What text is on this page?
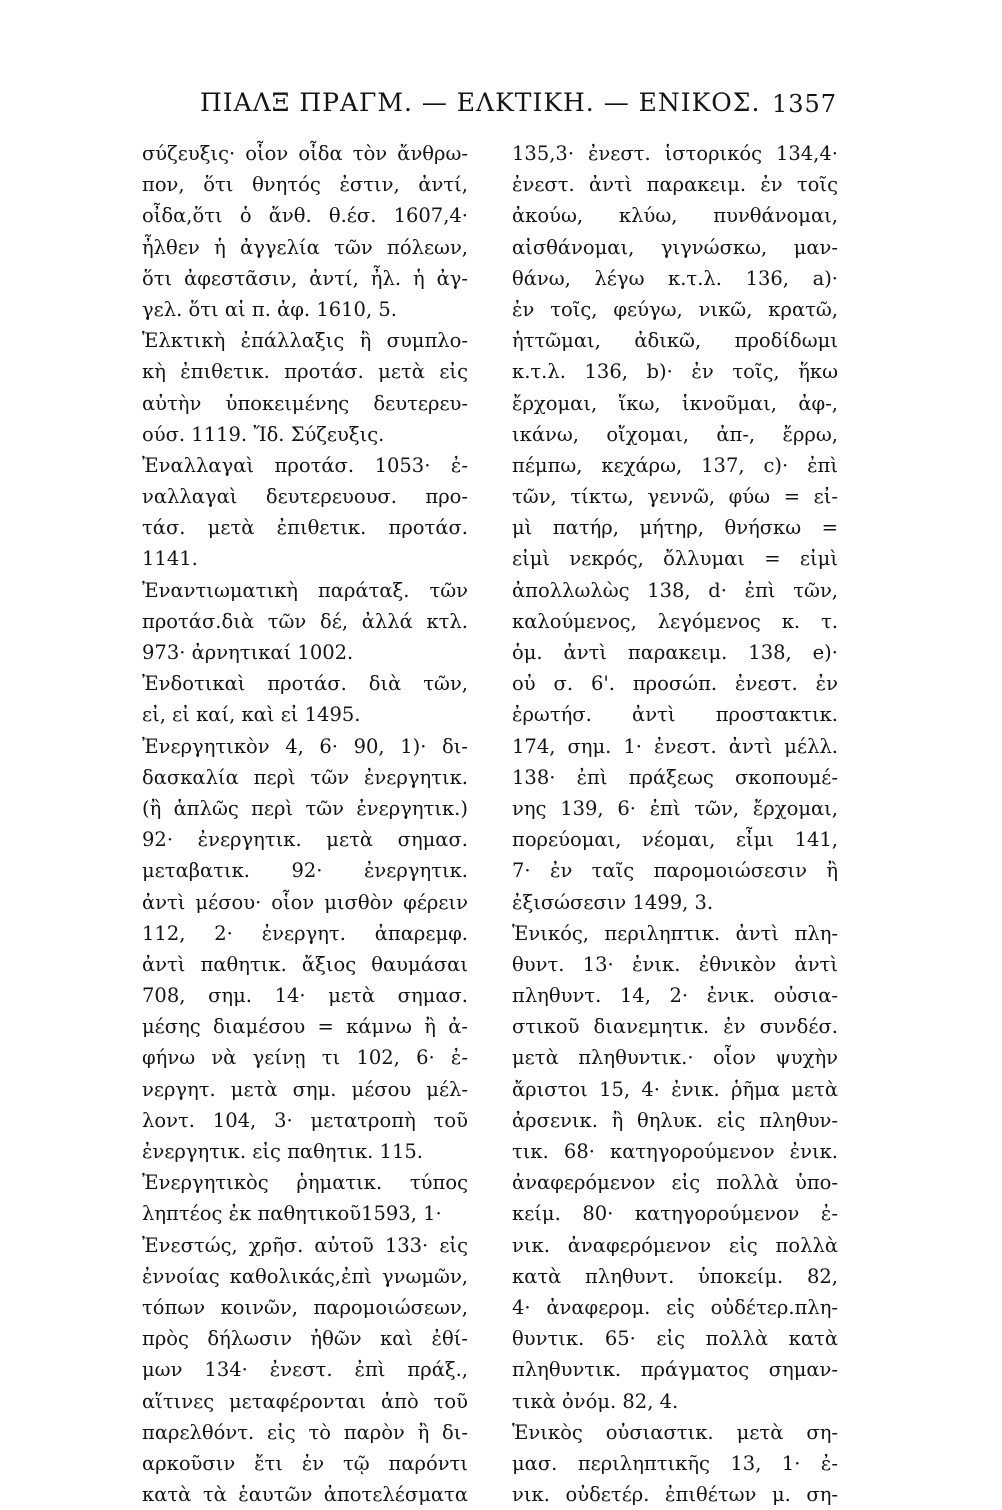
ΠΙΑΛΞ ΠΡΑΓΜ. — ΕΛΚΤΙΚΗ. — ΕΝΙΚΟΣ. 1357
σύζευξις· οἷον οἶδα τὸν ἄνθρω-
πον, ὅτι θνητός ἐστιν, ἀντί,
οἶδα,ὅτι ὁ ἄνθ. θ.έσ. 1607,4·
ἦλθεν ἡ ἀγγελία τῶν πόλεων,
ὅτι ἀφεστᾶσιν, ἀντί, ἦλ. ἡ ἀγ-
γελ. ὅτι αἱ π. ἀφ. 1610, 5.
Ἑλκτικὴ ἐπάλλαξις ἢ συμπλο-
κὴ ἐπιθετικ. προτάσ. μετὰ εἰς
αὐτὴν ὑποκειμένης δευτερευ-
ούσ. 1119. Ἴδ. Σύζευξις.
Ἐναλλαγαὶ προτάσ. 1053· ἐ-
ναλλαγαὶ δευτερευουσ. προ-
τάσ. μετὰ ἐπιθετικ. προτάσ.
1141.
Ἐναντιωματικὴ παράταξ. τῶν
προτάσ.διὰ τῶν δέ, ἀλλά κτλ.
973· ἀρνητικαί 1002.
Ἐνδοτικαὶ προτάσ. διὰ τῶν,
εἰ, εἰ καί, καὶ εἰ 1495.
Ἐνεργητικὸν 4, 6· 90, 1)· δι-
δασκαλία περὶ τῶν ἐνεργητικ.
(ἢ ἁπλῶς περὶ τῶν ἐνεργητικ.)
92· ἐνεργητικ. μετὰ σημασ.
μεταβατικ. 92· ἐνεργητικ.
ἀντὶ μέσου· οἷον μισθὸν φέρειν
112, 2· ἐνεργητ. ἀπαρεμφ.
ἀντὶ παθητικ. ἄξιος θαυμάσαι
708, σημ. 14· μετὰ σημασ.
μέσης διαμέσου = κάμνω ἢ ἀ-
φήνω νὰ γείνῃ τι 102, 6· ἐ-
νεργητ. μετὰ σημ. μέσου μέλ-
λοντ. 104, 3· μετατροπὴ τοῦ
ἐνεργητικ. εἰς παθητικ. 115.
Ἐνεργητικὸς ῥηματικ. τύπος
ληπτέος ἐκ παθητικοῦ1593, 1·
Ἐνεστώς, χρῆσ. αὐτοῦ 133· εἰς
ἐννοίας καθολικάς,ἐπὶ γνωμῶν,
τόπων κοινῶν, παρομοιώσεων,
πρὸς δήλωσιν ἠθῶν καὶ ἐθί-
μων 134· ἐνεστ. ἐπὶ πράξ.,
αἵτινες μεταφέρονται ἀπὸ τοῦ
παρελθόντ. εἰς τὸ παρὸν ἢ δι-
αρκοῦσιν ἔτι ἐν τῷ παρόντι
κατὰ τὰ ἑαυτῶν ἀποτελέσματα
135,3· ἐνεστ. ἱστορικός 134,4·
ἐνεστ. ἀντὶ παρακειμ. ἐν τοῖς
ἀκούω, κλύω, πυνθάνομαι,
αἰσθάνομαι, γιγνώσκω, μαν-
θάνω, λέγω κ.τ.λ. 136, a)·
ἐν τοῖς, φεύγω, νικῶ, κρατῶ,
ἡττῶμαι, ἀδικῶ, προδίδωμι
κ.τ.λ. 136, b)· ἐν τοῖς, ἥκω
ἔρχομαι, ἵκω, ἱκνοῦμαι, ἀφ-,
ικάνω, οἴχομαι, ἀπ-, ἔρρω,
πέμπω, κεχάρω, 137, c)· ἐπὶ
τῶν, τίκτω, γεννῶ, φύω = εἰ-
μὶ πατήρ, μήτηρ, θνήσκω =
εἰμὶ νεκρός, ὄλλυμαι = εἰμὶ
ἀπολλωλὼς 138, d· ἐπὶ τῶν,
καλούμενος, λεγόμενος κ. τ.
ὁμ. ἀντὶ παρακειμ. 138, e)·
οὐ σ. 6'. προσώπ. ἐνεστ. ἐν
ἐρωτήσ. ἀντὶ προστακτικ.
174, σημ. 1· ἐνεστ. ἀντὶ μέλλ.
138· ἐπὶ πράξεως σκοπουμέ-
νης 139, 6· ἐπὶ τῶν, ἔρχομαι,
πορεύομαι, νέομαι, εἶμι 141,
7· ἐν ταῖς παρομοιώσεσιν ἢ
ἐξισώσεσιν 1499, 3.
Ἑνικός, περιληπτικ. ἀντὶ πλη-
θυντ. 13· ἐνικ. ἐθνικὸν ἀντὶ
πληθυντ. 14, 2· ἐνικ. οὐσια-
στικοῦ διανεμητικ. ἐν συνδέσ.
μετὰ πληθυντικ.· οἷον ψυχὴν
ἄριστοι 15, 4· ἐνικ. ῥῆμα μετὰ
ἀρσενικ. ἢ θηλυκ. εἰς πληθυν-
τικ. 68· κατηγορούμενον ἐνικ.
ἀναφερόμενον εἰς πολλὰ ὑπο-
κείμ. 80· κατηγορούμενον ἐ-
νικ. ἀναφερόμενον εἰς πολλὰ
κατὰ πληθυντ. ὑποκείμ. 82,
4· ἀναφερομ. εἰς οὐδέτερ.πλη-
θυντικ. 65· εἰς πολλὰ κατὰ
πληθυντικ. πράγματος σημαν-
τικὰ ὀνόμ. 82, 4.
Ἑνικὸς οὐσιαστικ. μετὰ ση-
μασ. περιληπτικῆς 13, 1· ἐ-
νικ. οὐδετέρ. ἐπιθέτων μ. ση-
